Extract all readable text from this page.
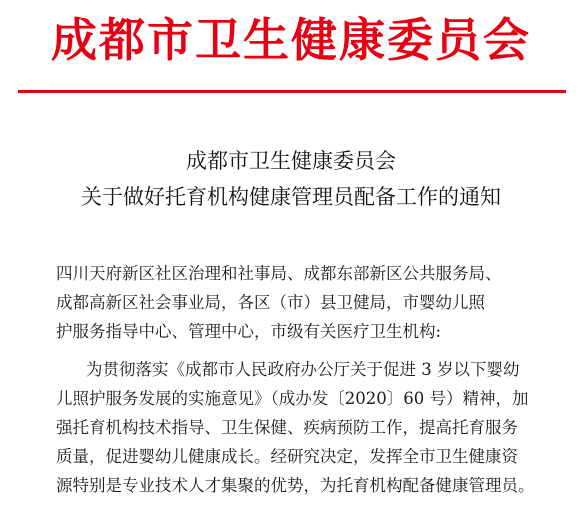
成都市卫生健康委员会
成都市卫生健康委员会
关于做好托育机构健康管理员配备工作的通知
四川天府新区社区治理和社事局、成都东部新区公共服务局、
成都高新区社会事业局，各区（市）县卫健局，市婴幼儿照
护服务指导中心、管理中心，市级有关医疗卫生机构:
为贯彻落实《成都市人民政府办公厅关于促进 3 岁以下婴幼
儿照护服务发展的实施意见》（成办发〔2020〕60 号）精神，加
强托育机构技术指导、卫生保健、疾病预防工作，提高托育服务
质量，促进婴幼儿健康成长。经研究决定，发挥全市卫生健康资
源特别是专业技术人才集聚的优势，为托育机构配备健康管理员。
